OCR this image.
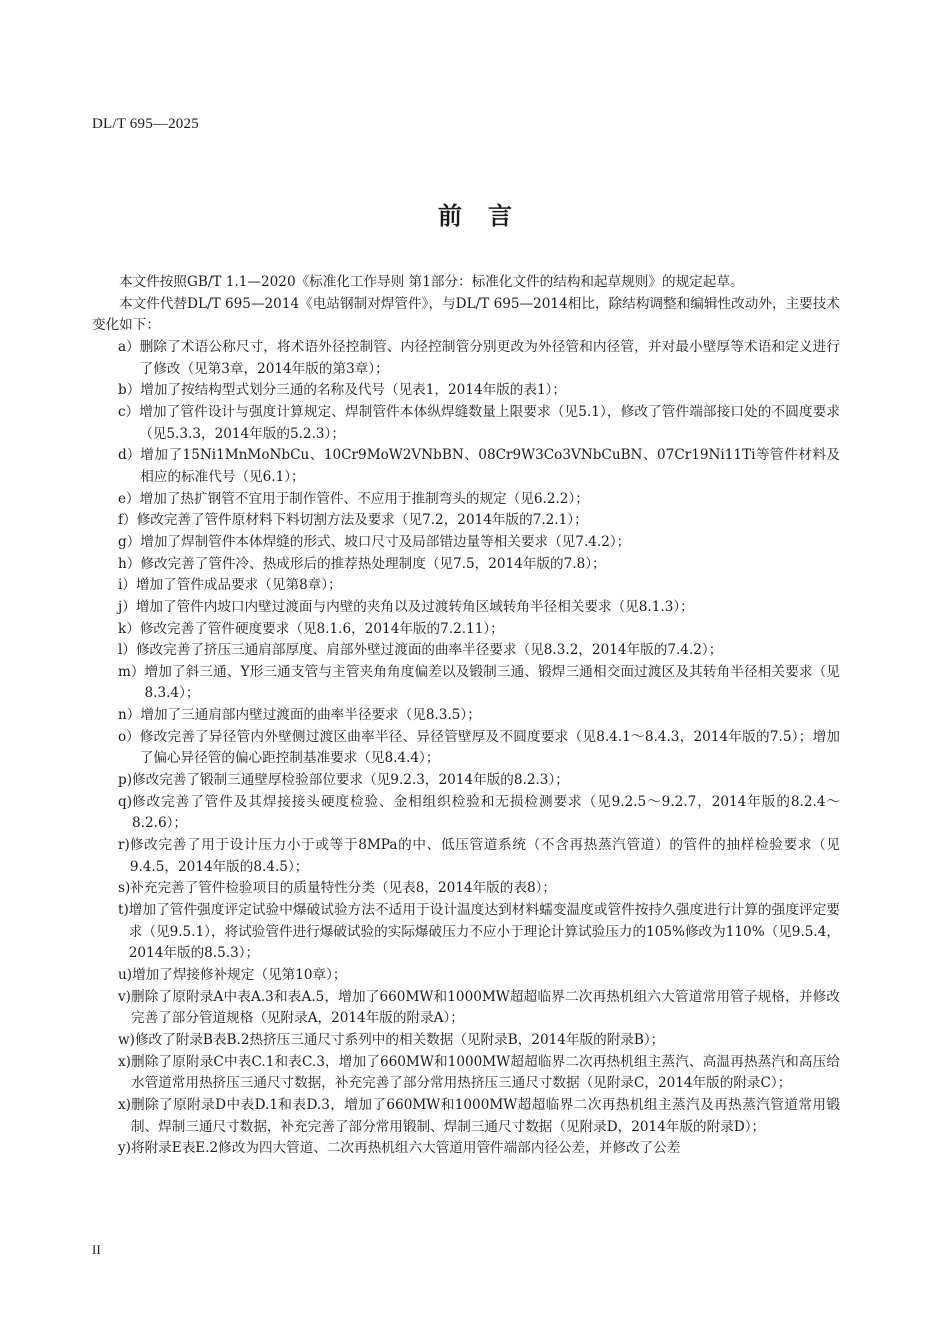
DL/T 695—2025
前言

本文件按照GB/T 1.1—2020《标准化工作导则 第1部分：标准化文件的结构和起草规则》的规定起草。

本文件代替DL/T 695—2014《电站钢制对焊管件》，与DL/T 695—2014相比，除结构调整和编辑性改动外，主要技术变化如下：

a） 删除了术语公称尺寸，将术语外径控制管、内径控制管分别更改为外径管和内径管，并对最小壁厚等术语和定义进行了修改（见第3章，2014年版的第3章）；
b） 增加了按结构型式划分三通的名称及代号（见表1，2014年版的表1）；
c） 增加了管件设计与强度计算规定、焊制管件本体纵焊缝数量上限要求（见5.1），修改了管件端部接口处的不圆度要求（见5.3.3，2014年版的5.2.3）；
d） 增加了15Ni1MnMoNbCu、10Cr9MoW2VNbBN、08Cr9W3Co3VNbCuBN、07Cr19Ni11Ti等管件材料及相应的标准代号（见6.1）；
e） 增加了热扩钢管不宜用于制作管件、不应用于推制弯头的规定（见6.2.2）；
f） 修改完善了管件原材料下料切割方法及要求（见7.2，2014年版的7.2.1）；
g） 增加了焊制管件本体焊缝的形式、坡口尺寸及局部错边量等相关要求（见7.4.2）；
h） 修改完善了管件冷、热成形后的推荐热处理制度（见7.5，2014年版的7.8）；
i） 增加了管件成品要求（见第8章）；
j） 增加了管件内坡口内壁过渡面与内壁的夹角以及过渡转角区域转角半径相关要求（见8.1.3）；
k） 修改完善了管件硬度要求（见8.1.6，2014年版的7.2.11）；
l） 修改完善了挤压三通肩部厚度、肩部外壁过渡面的曲率半径要求（见8.3.2，2014年版的7.4.2）；
m） 增加了斜三通、Y形三通支管与主管夹角角度偏差以及锻制三通、锻焊三通相交面过渡区及其转角半径相关要求（见8.3.4）；
n） 增加了三通肩部内壁过渡面的曲率半径要求（见8.3.5）；
o） 修改完善了异径管内外壁侧过渡区曲率半径、异径管壁厚及不圆度要求（见8.4.1～8.4.3，2014年版的7.5）；增加了偏心异径管的偏心距控制基准要求（见8.4.4）；
p) 修改完善了锻制三通壁厚检验部位要求（见9.2.3，2014年版的8.2.3）；
q) 修改完善了管件及其焊接接头硬度检验、金相组织检验和无损检测要求（见9.2.5～9.2.7，2014年版的8.2.4～8.2.6）；
r) 修改完善了用于设计压力小于或等于8MPa的中、低压管道系统（不含再热蒸汽管道）的管件的抽样检验要求（见9.4.5，2014年版的8.4.5）；
s) 补充完善了管件检验项目的质量特性分类（见表8，2014年版的表8）；
t) 增加了管件强度评定试验中爆破试验方法不适用于设计温度达到材料蠕变温度或管件按持久强度进行计算的强度评定要求（见9.5.1），将试验管件进行爆破试验的实际爆破压力不应小于理论计算试验压力的105%修改为110%（见9.5.4，2014年版的8.5.3）；
u) 增加了焊接修补规定（见第10章）；
v) 删除了原附录A中表A.3和表A.5，增加了660MW和1000MW超超临界二次再热机组六大管道常用管子规格，并修改完善了部分管道规格（见附录A，2014年版的附录A）；
w) 修改了附录B表B.2热挤压三通尺寸系列中的相关数据（见附录B，2014年版的附录B）；
x) 删除了原附录C中表C.1和表C.3，增加了660MW和1000MW超超临界二次再热机组主蒸汽、高温再热蒸汽和高压给水管道常用热挤压三通尺寸数据，补充完善了部分常用热挤压三通尺寸数据（见附录C，2014年版的附录C）；
x) 删除了原附录D中表D.1和表D.3，增加了660MW和1000MW超超临界二次再热机组主蒸汽及再热蒸汽管道常用锻制、焊制三通尺寸数据，补充完善了部分常用锻制、焊制三通尺寸数据（见附录D，2014年版的附录D）；
y) 将附录E表E.2修改为四大管道、二次再热机组六大管道用管件端部内径公差，并修改了公差
II
